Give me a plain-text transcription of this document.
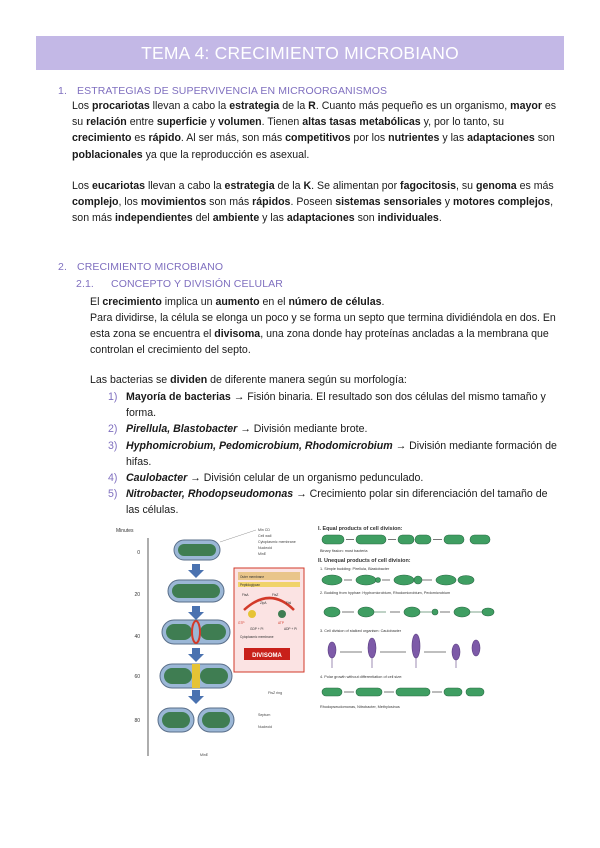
TEMA 4: CRECIMIENTO MICROBIANO
1. ESTRATEGIAS DE SUPERVIVENCIA EN MICROORGANISMOS
Los procariotas llevan a cabo la estrategia de la R. Cuanto más pequeño es un organismo, mayor es su relación entre superficie y volumen. Tienen altas tasas metabólicas y, por lo tanto, su crecimiento es rápido. Al ser más, son más competitivos por los nutrientes y las adaptaciones son poblacionales ya que la reproducción es asexual.
Los eucariotas llevan a cabo la estrategia de la K. Se alimentan por fagocitosis, su genoma es más complejo, los movimientos son más rápidos. Poseen sistemas sensoriales y motores complejos, son más independientes del ambiente y las adaptaciones son individuales.
2. CRECIMIENTO MICROBIANO
2.1. CONCEPTO Y DIVISIÓN CELULAR
El crecimiento implica un aumento en el número de células.
Para dividirse, la célula se elonga un poco y se forma un septo que termina dividiéndola en dos. En esta zona se encuentra el divisoma, una zona donde hay proteínas ancladas a la membrana que controlan el crecimiento del septo.
Las bacterias se dividen de diferente manera según su morfología:
1) Mayoría de bacterias → Fisión binaria. El resultado son dos células del mismo tamaño y forma.
2) Pirellula, Blastobacter → División mediante brote.
3) Hyphomicrobium, Pedomicrobium, Rhodomicrobium → División mediante formación de hifas.
4) Caulobacter → División celular de un organismo pedunculado.
5) Nitrobacter, Rhodopseudomonas → Crecimiento polar sin diferenciación del tamaño de las células.
Minutes
0
20
40
60
80
Min CD
Cell wall
Cytoplasmic membrane
Nucleoid
MinE
FtsZ ring
Septum
Nucleoid
MinE
Outer membrane
Peptidoglycan
FtsA	FtsZ
ZipA	FtsI
GTP
GDP + Pi
ATP
ADP + Pi
Cytoplasmic membrane
DIVISOMA
I. Equal products of cell division:
Binary fission: most bacteria
II. Unequal products of cell division:
1. Simple budding: Pirellula, Blastobacter
2. Budding from hyphae: Hyphomicrobium, Rhodomicrobium, Pedomicrobium
3. Cell division of stalked organism: Caulobacter
4. Polar growth without differentiation of cell size:
Rhodopseudomonas, Nitrobacter, Methylosinus
